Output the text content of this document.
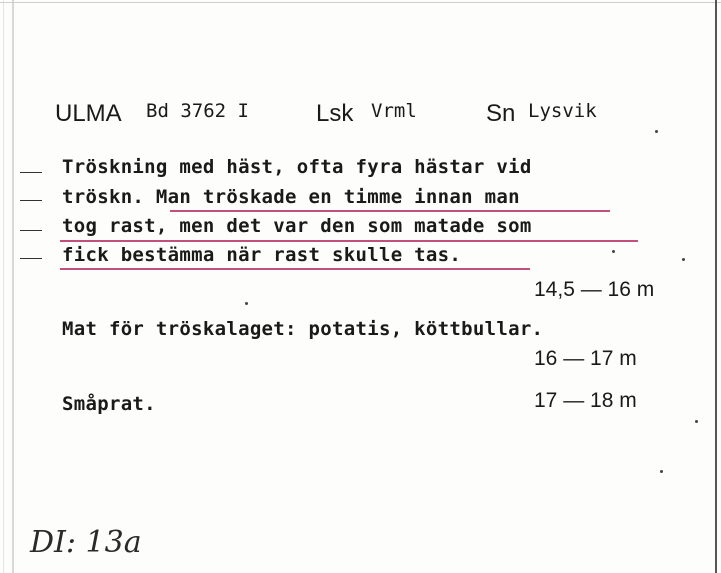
ULMA Bd 3762 I	Lsk Vrml	Sn Lysvik
Tröskning med häst, ofta fyra hästar vid
tröskn. Man tröskade en timme innan man
tog rast, men det var den som matade som
fick bestämma när rast skulle tas.
14,5 — 16 m
Mat för tröskalaget: potatis, köttbullar.
16 — 17 m
Småprat.	17 — 18 m
DI: 13a
